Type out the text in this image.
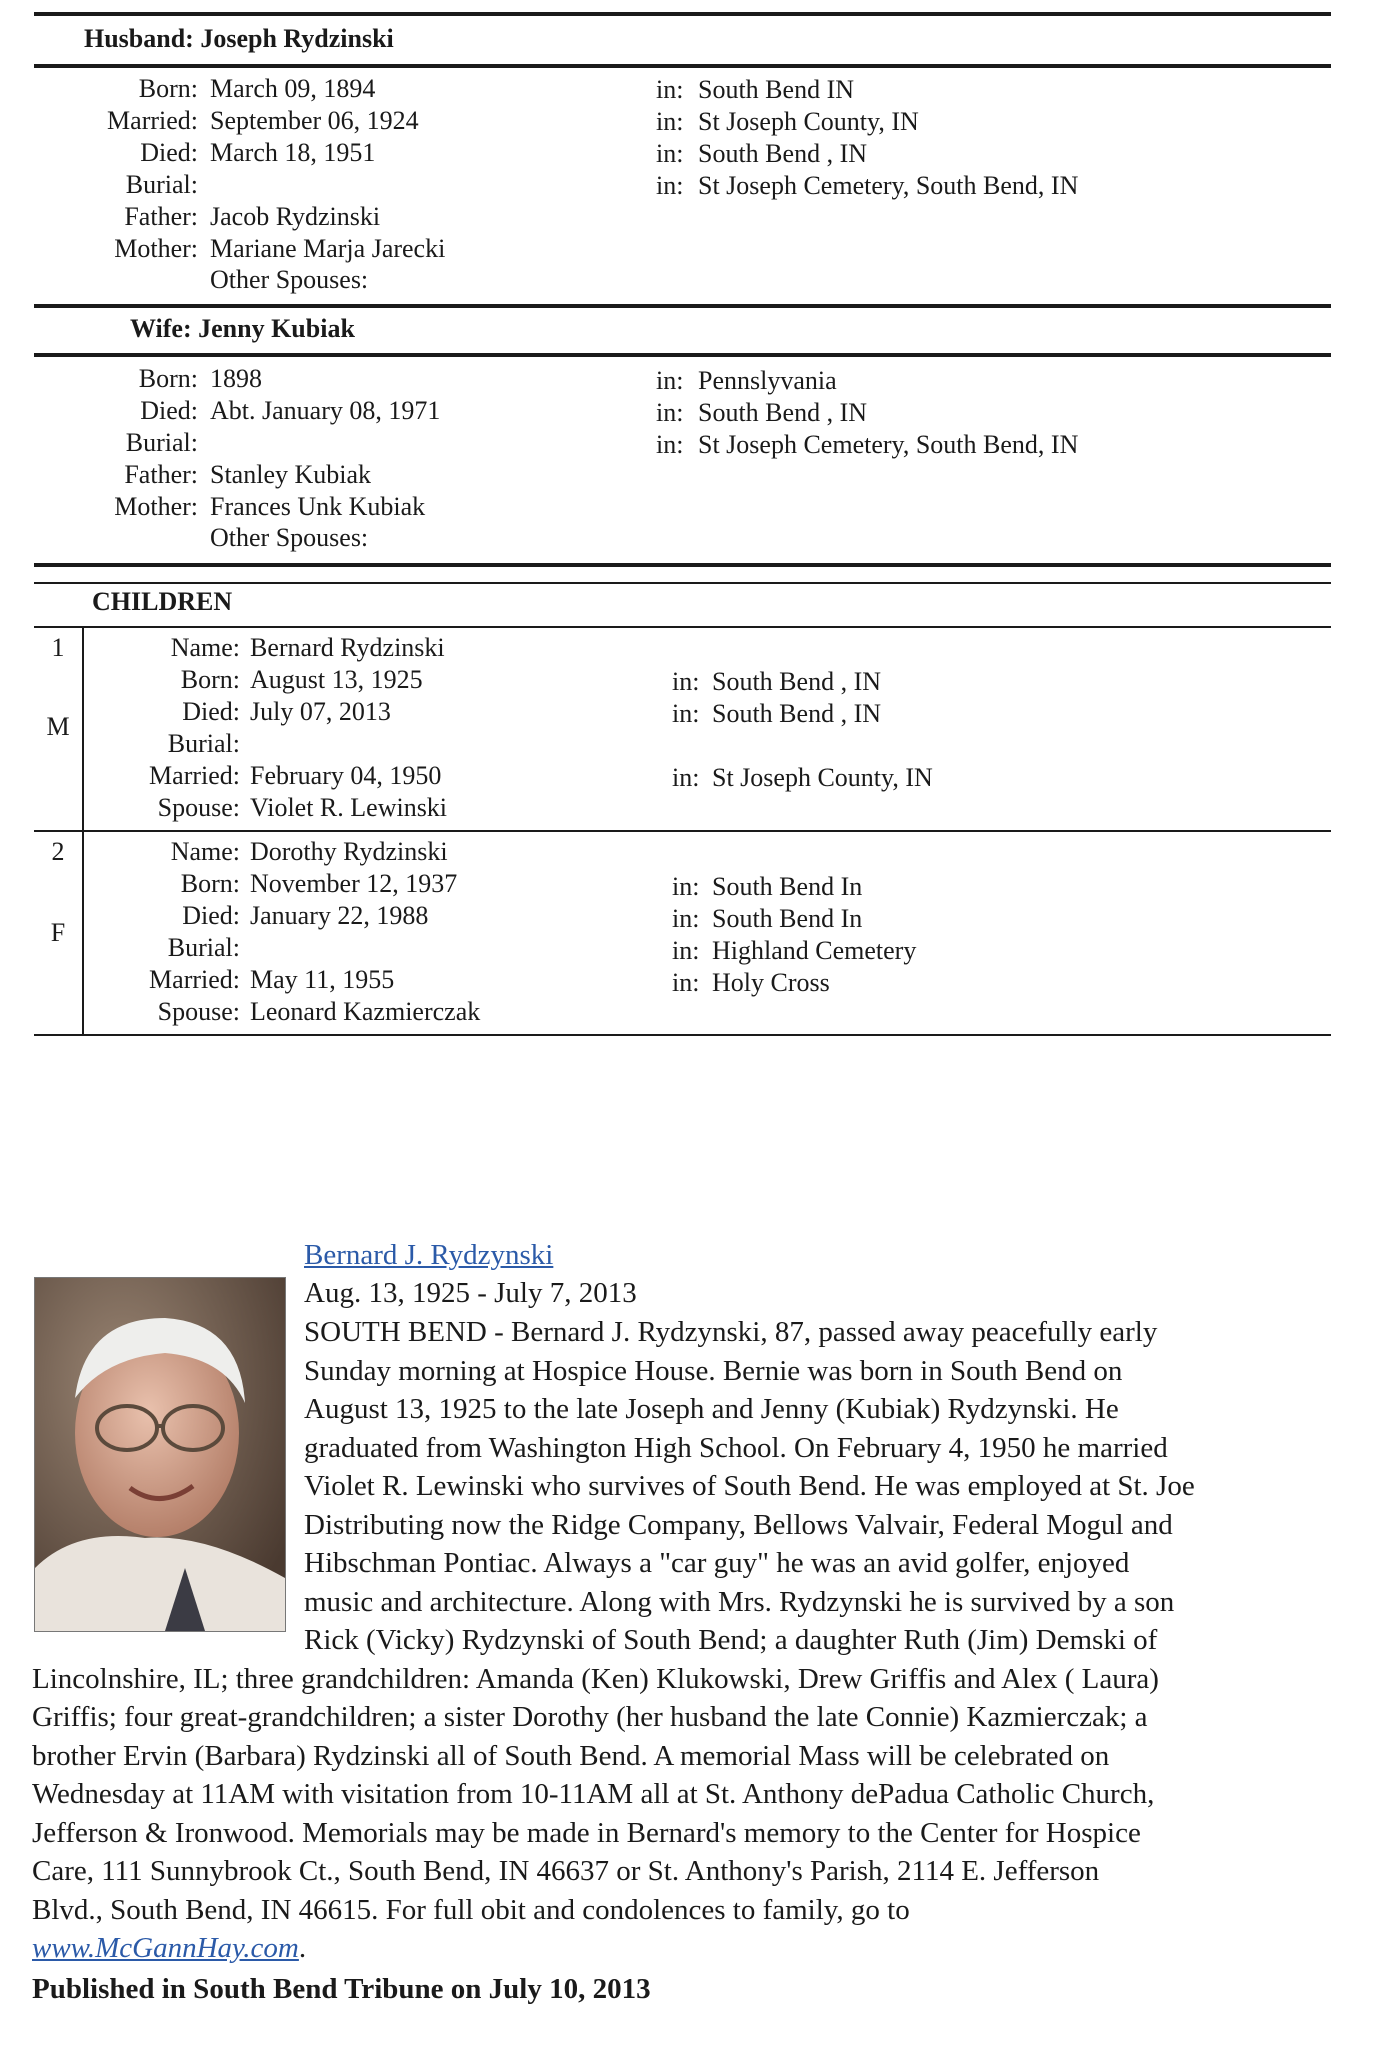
Husband: Joseph Rydzinski
Born: March 09, 1894	in: South Bend IN
Married: September 06, 1924	in: St Joseph County, IN
Died: March 18, 1951	in: South Bend , IN
Burial:	in: St Joseph Cemetery, South Bend, IN
Father: Jacob Rydzinski
Mother: Mariane Marja Jarecki
Other Spouses:
Wife: Jenny Kubiak
Born: 1898	in: Pennslyvania
Died: Abt. January 08, 1971	in: South Bend , IN
Burial:	in: St Joseph Cemetery, South Bend, IN
Father: Stanley Kubiak
Mother: Frances Unk Kubiak
Other Spouses:
CHILDREN
1
M
Name: Bernard Rydzinski
Born: August 13, 1925	in: South Bend , IN
Died: July 07, 2013	in: South Bend , IN
Burial:
Married: February 04, 1950	in: St Joseph County, IN
Spouse: Violet R. Lewinski
2
F
Name: Dorothy Rydzinski
Born: November 12, 1937	in: South Bend In
Died: January 22, 1988	in: South Bend In
Burial:	in: Highland Cemetery
Married: May 11, 1955	in: Holy Cross
Spouse: Leonard Kazmierczak
Bernard J. Rydzynski
Aug. 13, 1925 - July 7, 2013
SOUTH BEND - Bernard J. Rydzynski, 87, passed away peacefully early
Sunday morning at Hospice House. Bernie was born in South Bend on
August 13, 1925 to the late Joseph and Jenny (Kubiak) Rydzynski. He
graduated from Washington High School. On February 4, 1950 he married
Violet R. Lewinski who survives of South Bend. He was employed at St. Joe
Distributing now the Ridge Company, Bellows Valvair, Federal Mogul and
Hibschman Pontiac. Always a "car guy" he was an avid golfer, enjoyed
music and architecture. Along with Mrs. Rydzynski he is survived by a son
Rick (Vicky) Rydzynski of South Bend; a daughter Ruth (Jim) Demski of
Lincolnshire, IL; three grandchildren: Amanda (Ken) Klukowski, Drew Griffis and Alex ( Laura)
Griffis; four great-grandchildren; a sister Dorothy (her husband the late Connie) Kazmierczak; a
brother Ervin (Barbara) Rydzinski all of South Bend. A memorial Mass will be celebrated on
Wednesday at 11AM with visitation from 10-11AM all at St. Anthony dePadua Catholic Church,
Jefferson & Ironwood. Memorials may be made in Bernard's memory to the Center for Hospice
Care, 111 Sunnybrook Ct., South Bend, IN 46637 or St. Anthony's Parish, 2114 E. Jefferson
Blvd., South Bend, IN 46615. For full obit and condolences to family, go to
www.McGannHay.com.
Published in South Bend Tribune on July 10, 2013
